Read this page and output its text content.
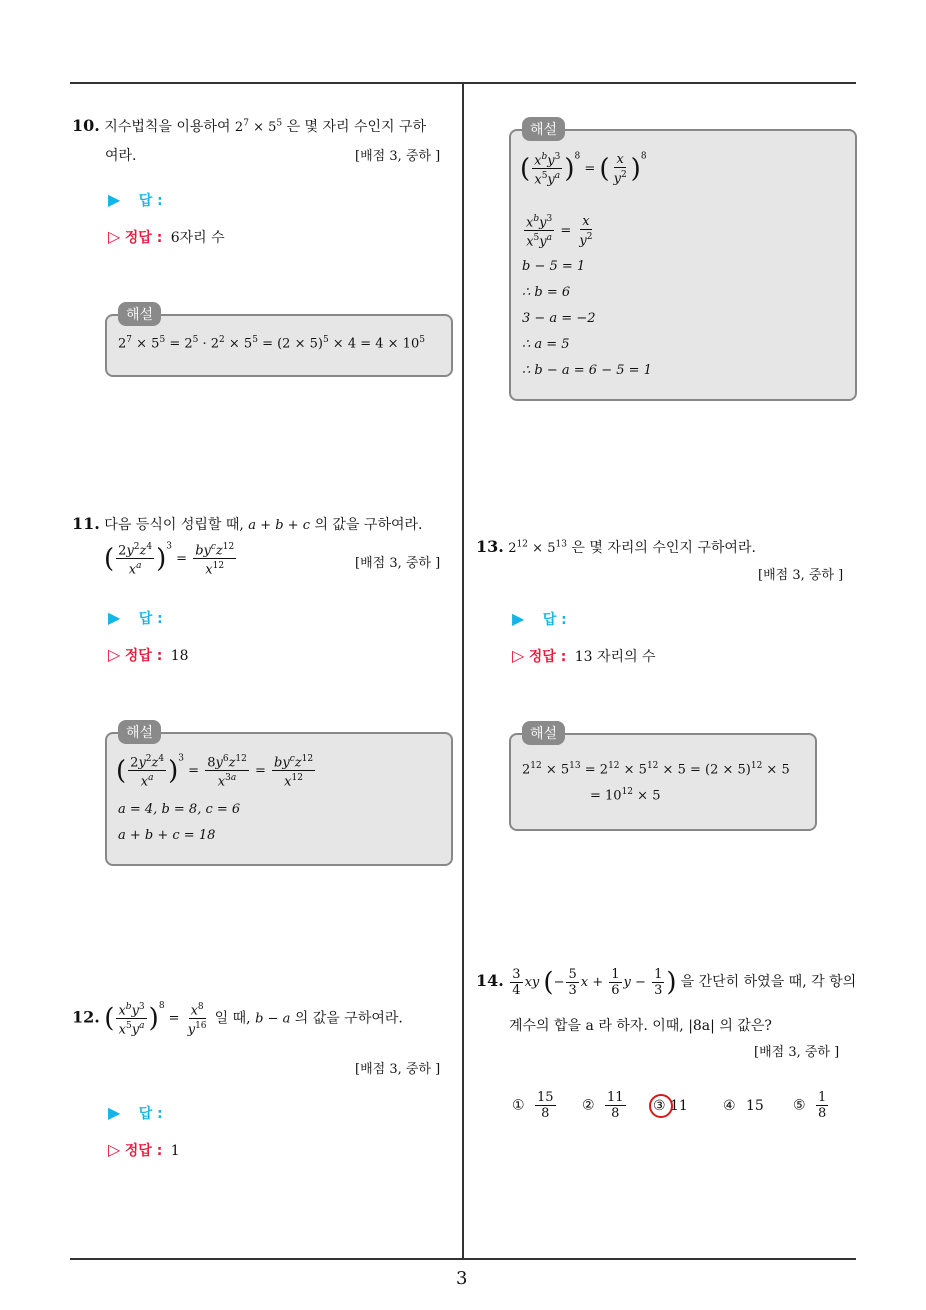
3
10. 지수법칙을 이용하여 $2^7 \times 5^5$ 은 몇 자리 수인지 구하
여라.	[배점 3, 중하 ]
▶ 답 :
▷ 정답 : 6자리 수
해설
$2^7 \times 5^5 = 2^5 \cdot 2^2 \times 5^5 = (2 \times 5)^5 \times 4 = 4 \times 10^5$
11. 다음 등식이 성립할 때, a + b + c 의 값을 구하여라.
( $\frac{2y^2z^4}{x^a} )^3 = \frac{by^cz^{12}}{x^{12}}$	[배점 3, 중하 ]
▶ 답 :
▷ 정답 : 18
해설
( $\frac{2y^2z^4}{x^a} )^3 = \frac{8y^6z^{12}}{x^{3a}} = \frac{by^cz^{12}}{x^{12}}$
a = 4, b = 8, c = 6
a + b + c = 18
12. ( $\frac{x^by^3}{x^5y^a} )^8 = \frac{x^8}{y^{16}}$ 일 때, b − a 의 값을 구하여라.
[배점 3, 중하 ]
▶ 답 :
▷ 정답 : 1
해설
( $\frac{x^by^3}{x^5y^a} )^8$ = ( $\frac{x}{y^2} )^8$
$\frac{x^by^3}{x^5y^a} = \frac{x}{y^2}$
b − 5 = 1
∴ b = 6
3 − a = −2
∴ a = 5
∴ b − a = 6 − 5 = 1
13. $2^{12} \times 5^{13}$ 은 몇 자리의 수인지 구하여라.
[배점 3, 중하 ]
▶ 답 :
▷ 정답 : 13 자리의 수
해설
$2^{12} \times 5^{13} = 2^{12} \times 5^{12} \times 5 = (2 \times 5)^{12} \times 5$
= $10^{12} \times 5$
14. $\frac{3}{4}$ xy (− $\frac{5}{3}$ $x + \frac{1}{6}$ $y - \frac{1}{3}$ ) 을 간단히 하였을 때, 각 항의
계수의 합을 a 라 하자. 이때, |8a| 의 값은?
[배점 3, 중하 ]
① $\frac{15}{8}$ ② $\frac{11}{8}$ ③ 11	④ 15 ⑤ $\frac{1}{8}$
